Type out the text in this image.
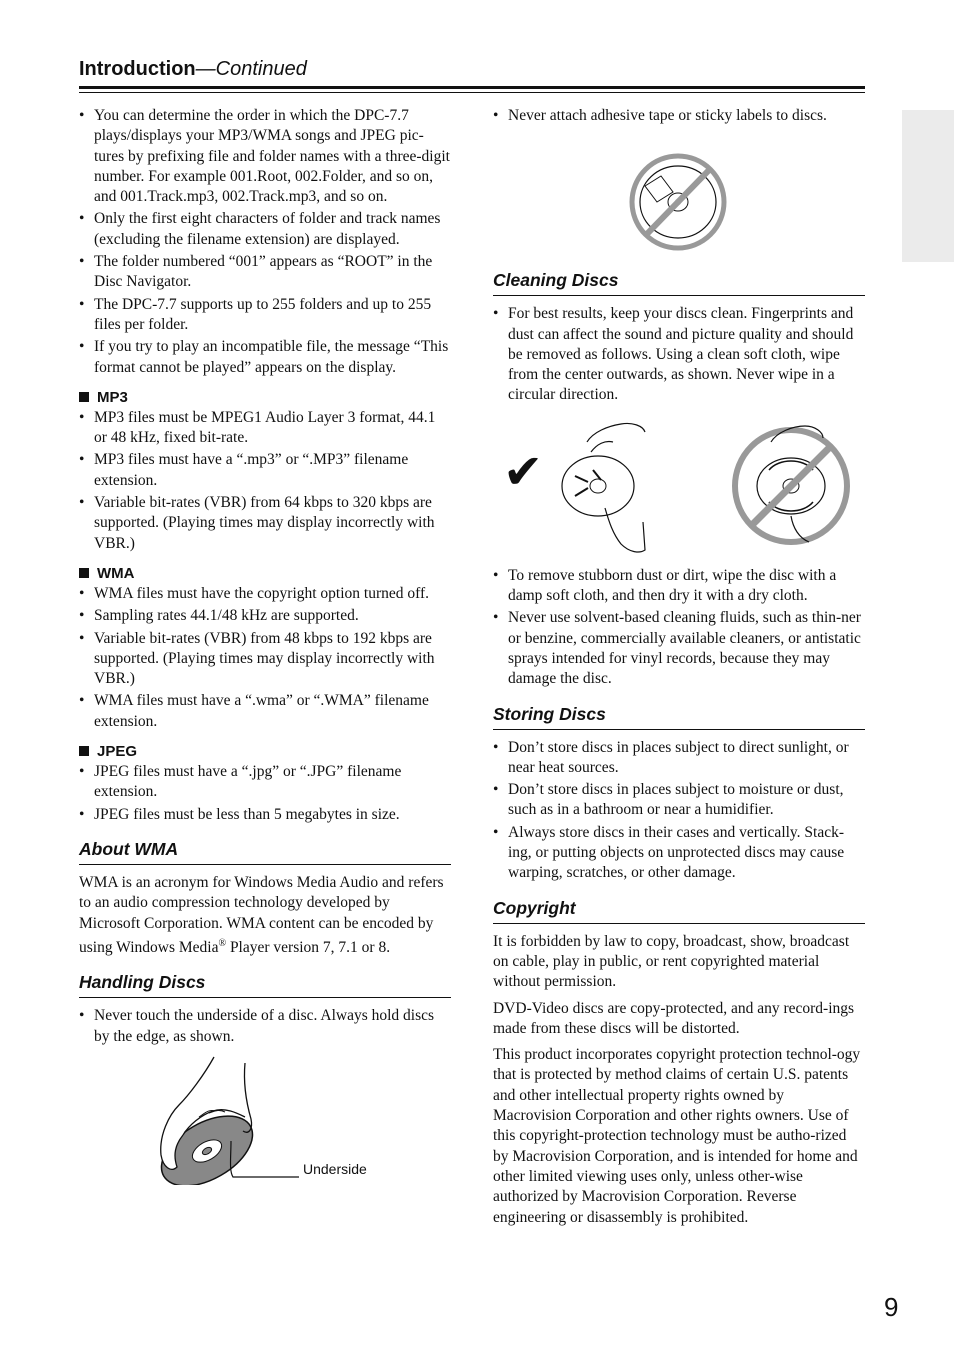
Introduction—Continued
• You can determine the order in which the DPC-7.7 plays/displays your MP3/WMA songs and JPEG pic-tures by prefixing file and folder names with a three-digit number. For example 001.Root, 002.Folder, and so on, and 001.Track.mp3, 002.Track.mp3, and so on.
• Only the first eight characters of folder and track names (excluding the filename extension) are displayed.
• The folder numbered “001” appears as “ROOT” in the Disc Navigator.
• The DPC-7.7 supports up to 255 folders and up to 255 files per folder.
• If you try to play an incompatible file, the message “This format cannot be played” appears on the display.
MP3
• MP3 files must be MPEG1 Audio Layer 3 format, 44.1 or 48 kHz, fixed bit-rate.
• MP3 files must have a “.mp3” or “.MP3” filename extension.
• Variable bit-rates (VBR) from 64 kbps to 320 kbps are supported. (Playing times may display incorrectly with VBR.)
WMA
• WMA files must have the copyright option turned off.
• Sampling rates 44.1/48 kHz are supported.
• Variable bit-rates (VBR) from 48 kbps to 192 kbps are supported. (Playing times may display incorrectly with VBR.)
• WMA files must have a “.wma” or “.WMA” filename extension.
JPEG
• JPEG files must have a “.jpg” or “.JPG” filename extension.
• JPEG files must be less than 5 megabytes in size.
About WMA

WMA is an acronym for Windows Media Audio and refers to an audio compression technology developed by Microsoft Corporation. WMA content can be encoded by using Windows Media® Player version 7, 7.1 or 8.

Handling Discs
• Never touch the underside of a disc. Always hold discs by the edge, as shown.
Underside
• Never attach adhesive tape or sticky labels to discs.
Cleaning Discs
• For best results, keep your discs clean. Fingerprints and dust can affect the sound and picture quality and should be removed as follows. Using a clean soft cloth, wipe from the center outwards, as shown. Never wipe in a circular direction.
✔
• To remove stubborn dust or dirt, wipe the disc with a damp soft cloth, and then dry it with a dry cloth.
• Never use solvent-based cleaning fluids, such as thin-ner or benzine, commercially available cleaners, or antistatic sprays intended for vinyl records, because they may damage the disc.
Storing Discs
• Don’t store discs in places subject to direct sunlight, or near heat sources.
• Don’t store discs in places subject to moisture or dust, such as in a bathroom or near a humidifier.
• Always store discs in their cases and vertically. Stack-ing, or putting objects on unprotected discs may cause warping, scratches, or other damage.
Copyright

It is forbidden by law to copy, broadcast, show, broadcast on cable, play in public, or rent copyrighted material without permission.

DVD-Video discs are copy-protected, and any record-ings made from these discs will be distorted.

This product incorporates copyright protection technol-ogy that is protected by method claims of certain U.S. patents and other intellectual property rights owned by Macrovision Corporation and other rights owners. Use of this copyright-protection technology must be autho-rized by Macrovision Corporation, and is intended for home and other limited viewing uses only, unless other-wise authorized by Macrovision Corporation. Reverse engineering or disassembly is prohibited.

9
